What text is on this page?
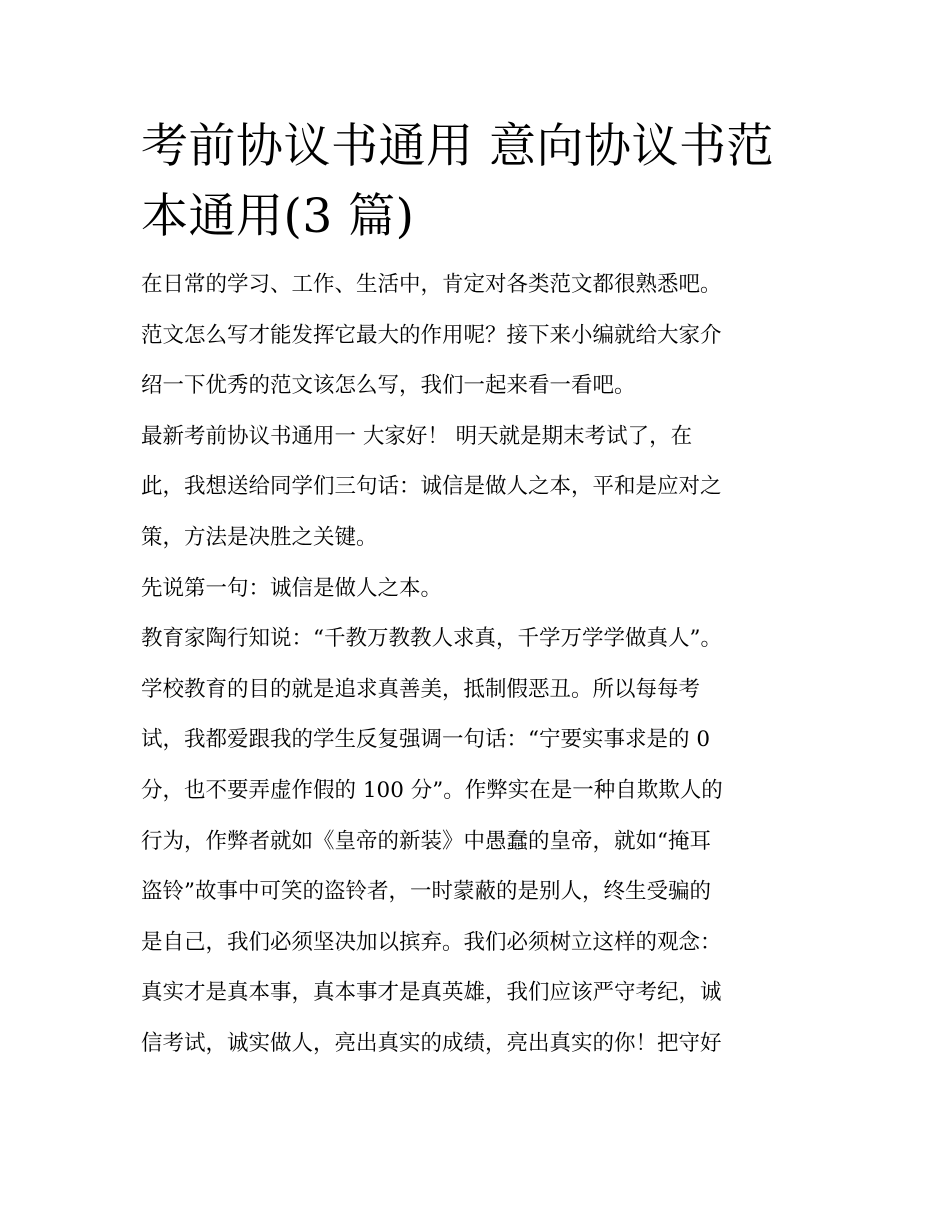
考前协议书通用 意向协议书范
本通用(3 篇)
在日常的学习、工作、生活中，肯定对各类范文都很熟悉吧。
范文怎么写才能发挥它最大的作用呢？接下来小编就给大家介
绍一下优秀的范文该怎么写，我们一起来看一看吧。
最新考前协议书通用一 大家好！ 明天就是期末考试了，在
此，我想送给同学们三句话：诚信是做人之本，平和是应对之
策，方法是决胜之关键。
先说第一句：诚信是做人之本。
教育家陶行知说：“千教万教教人求真，千学万学学做真人”。
学校教育的目的就是追求真善美，抵制假恶丑。所以每每考
试，我都爱跟我的学生反复强调一句话：“宁要实事求是的 0
分，也不要弄虚作假的 100 分”。作弊实在是一种自欺欺人的
行为，作弊者就如《皇帝的新装》中愚蠢的皇帝，就如“掩耳
盗铃”故事中可笑的盗铃者，一时蒙蔽的是别人，终生受骗的
是自己，我们必须坚决加以摈弃。我们必须树立这样的观念：
真实才是真本事，真本事才是真英雄，我们应该严守考纪，诚
信考试，诚实做人，亮出真实的成绩，亮出真实的你！把守好
